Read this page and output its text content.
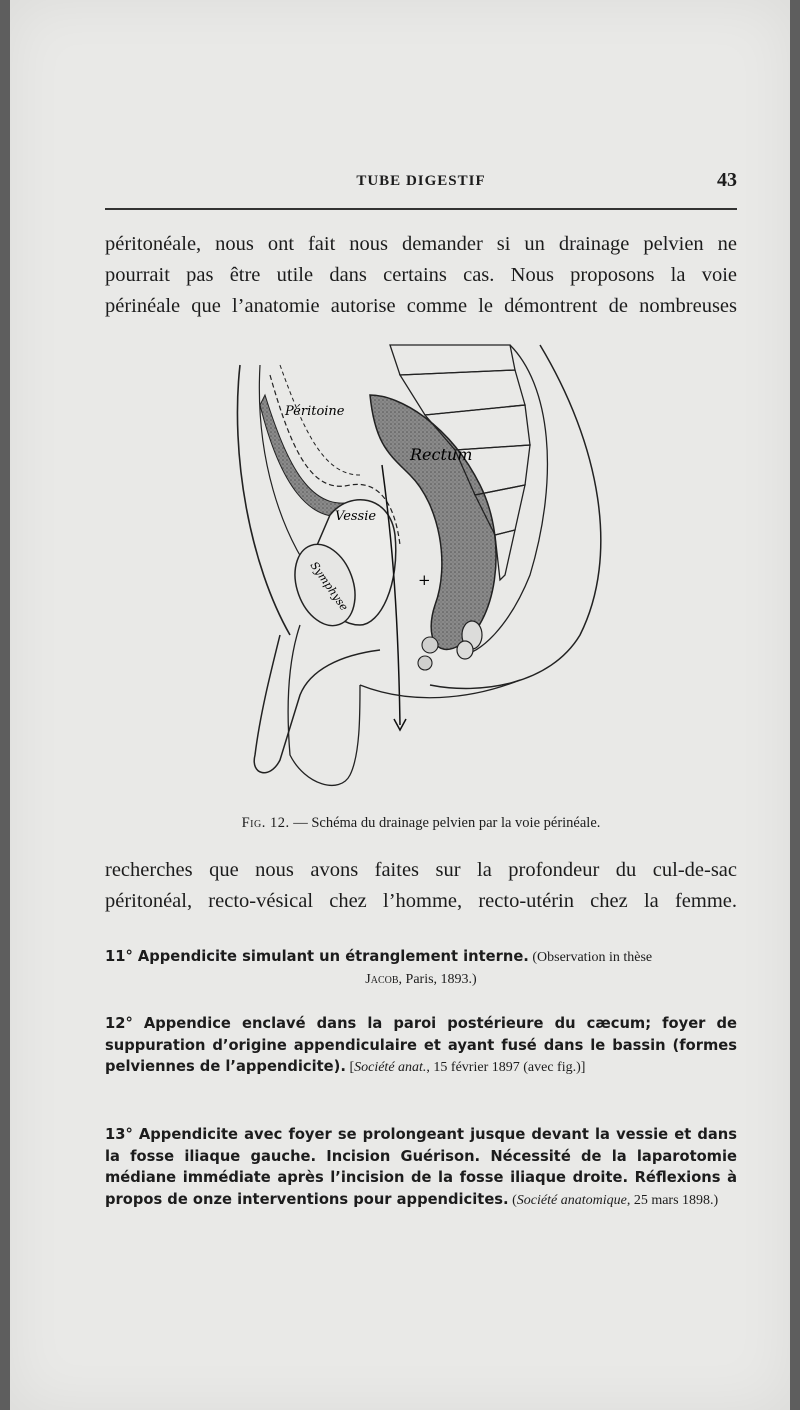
TUBE DIGESTIF	43
péritonéale, nous ont fait nous demander si un drainage pelvien ne
pourrait pas être utile dans certains cas. Nous proposons la voie
périnéale que l’anatomie autorise comme le démontrent de nombreuses
Péritoine
Rectum
Vessie
Symphyse	+
Fig. 12. — Schéma du drainage pelvien par la voie périnéale.
recherches que nous avons faites sur la profondeur du cul-de-sac
péritonéal, recto-vésical chez l’homme, recto-utérin chez la femme.
11° Appendicite simulant un étranglement interne. (Observation in thèse
Jacob, Paris, 1893.)
12° Appendice enclavé dans la paroi postérieure du cæcum; foyer de suppuration d’origine appendiculaire et ayant fusé dans le bassin (formes pelviennes de l’appendicite). [Société anat., 15 février 1897 (avec fig.)]
13° Appendicite avec foyer se prolongeant jusque devant la vessie et dans la fosse iliaque gauche. Incision Guérison. Nécessité de la laparotomie médiane immédiate après l’incision de la fosse iliaque droite. Réflexions à propos de onze interventions pour appendicites. (Société anatomique, 25 mars 1898.)
